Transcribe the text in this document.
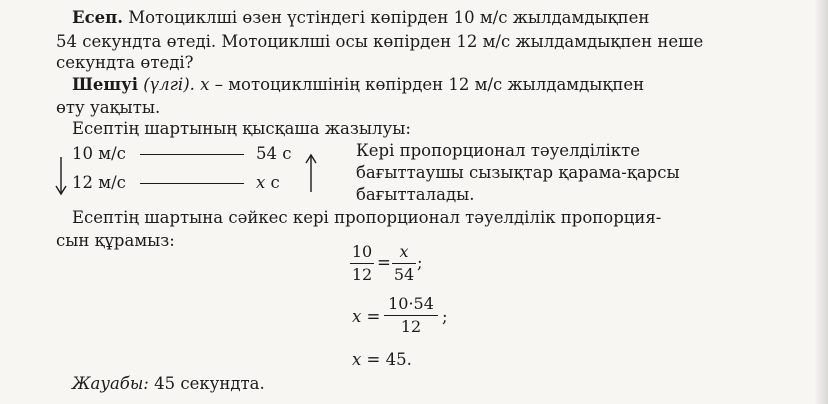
Есеп. Мотоциклші өзен үстіндегі көпірден 10 м/с жылдамдықпен
54 секундта өтеді. Мотоциклші осы көпірден 12 м/с жылдамдықпен неше
секундта өтеді?
Шешуі (үлгі). x – мотоциклшінің көпірден 12 м/с жылдамдықпен
өту уақыты.
Есептің шартының қысқаша жазылуы:
10 м/с	54 с
12 м/с	x с
Кері пропорционал тәуелділікте
бағыттаушы сызықтар қарама-қарсы
бағытталады.
Есептің шартына сәйкес кері пропорционал тәуелділік пропорция-
сын құрамыз:
10
12
=
x
54
;
x =
10·54
12
;
x = 45.
Жауабы: 45 секундта.
